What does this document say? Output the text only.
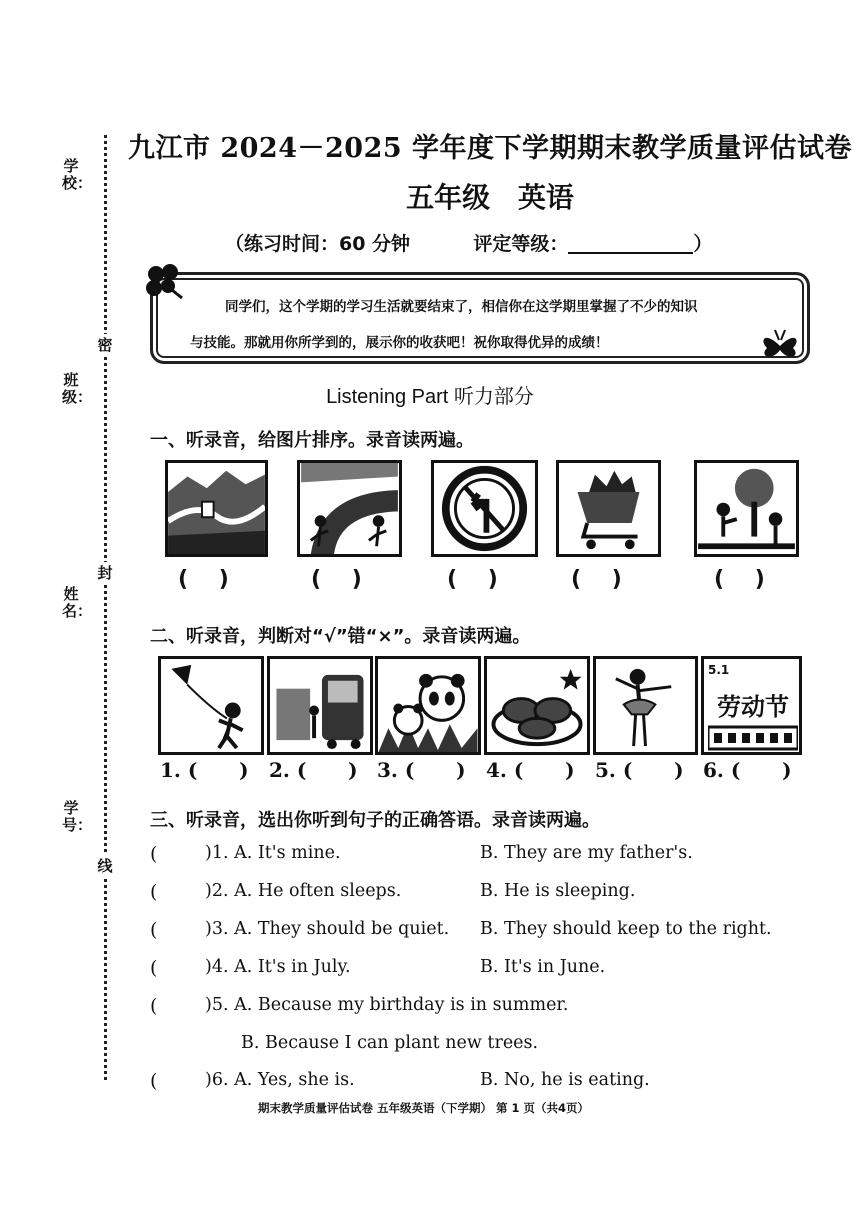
学校：
班级：
姓名：
学号：
密
封
线
九江市 2024－2025 学年度下学期期末教学质量评估试卷
五年级 英语
（练习时间：60 分钟	评定等级：	）
同学们，这个学期的学习生活就要结束了，相信你在这学期里掌握了不少的知识
与技能。那就用你所学到的，展示你的收获吧！祝你取得优异的成绩！
Listening Part 听力部分
一、听录音，给图片排序。录音读两遍。
(    )	(    )	(    )	(    )	(    )
二、听录音，判断对“√”错“×”。录音读两遍。
5.1
劳动节
1. (      ) 2. (      ) 3. (      ) 4. (      ) 5. (      ) 6. (      )
三、听录音，选出你听到句子的正确答语。录音读两遍。
(	)1. A. It's mine.	B. They are my father's.
(	)2. A. He often sleeps.	B. He is sleeping.
(	)3. A. They should be quiet. B. They should keep to the right.
(	)4. A. It's in July.	B. It's in June.
(	)5. A. Because my birthday is in summer.
B. Because I can plant new trees.
(	)6. A. Yes, she is.	B. No, he is eating.
期末教学质量评估试卷 五年级英语（下学期） 第 1 页（共4页）
